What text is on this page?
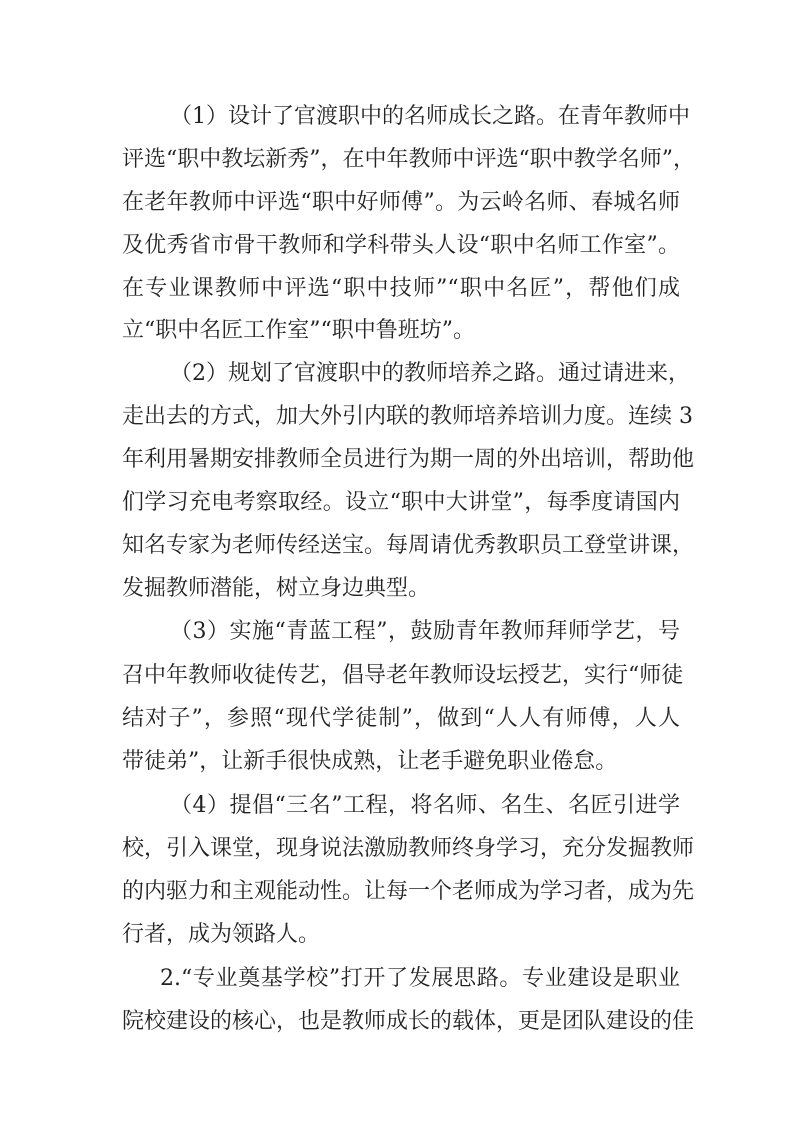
（1）设计了官渡职中的名师成长之路。在青年教师中
评选“职中教坛新秀”，在中年教师中评选“职中教学名师”，
在老年教师中评选“职中好师傅”。为云岭名师、春城名师
及优秀省市骨干教师和学科带头人设“职中名师工作室”。
在专业课教师中评选“职中技师”“职中名匠”，帮他们成
立“职中名匠工作室”“职中鲁班坊”。
（2）规划了官渡职中的教师培养之路。通过请进来，
走出去的方式，加大外引内联的教师培养培训力度。连续 3
年利用暑期安排教师全员进行为期一周的外出培训，帮助他
们学习充电考察取经。设立“职中大讲堂”，每季度请国内
知名专家为老师传经送宝。每周请优秀教职员工登堂讲课，
发掘教师潜能，树立身边典型。
（3）实施“青蓝工程”，鼓励青年教师拜师学艺，号
召中年教师收徒传艺，倡导老年教师设坛授艺，实行“师徒
结对子”，参照“现代学徒制”，做到“人人有师傅，人人
带徒弟”，让新手很快成熟，让老手避免职业倦怠。
（4）提倡“三名”工程，将名师、名生、名匠引进学
校，引入课堂，现身说法激励教师终身学习，充分发掘教师
的内驱力和主观能动性。让每一个老师成为学习者，成为先
行者，成为领路人。
2.“专业奠基学校”打开了发展思路。专业建设是职业
院校建设的核心，也是教师成长的载体，更是团队建设的佳
